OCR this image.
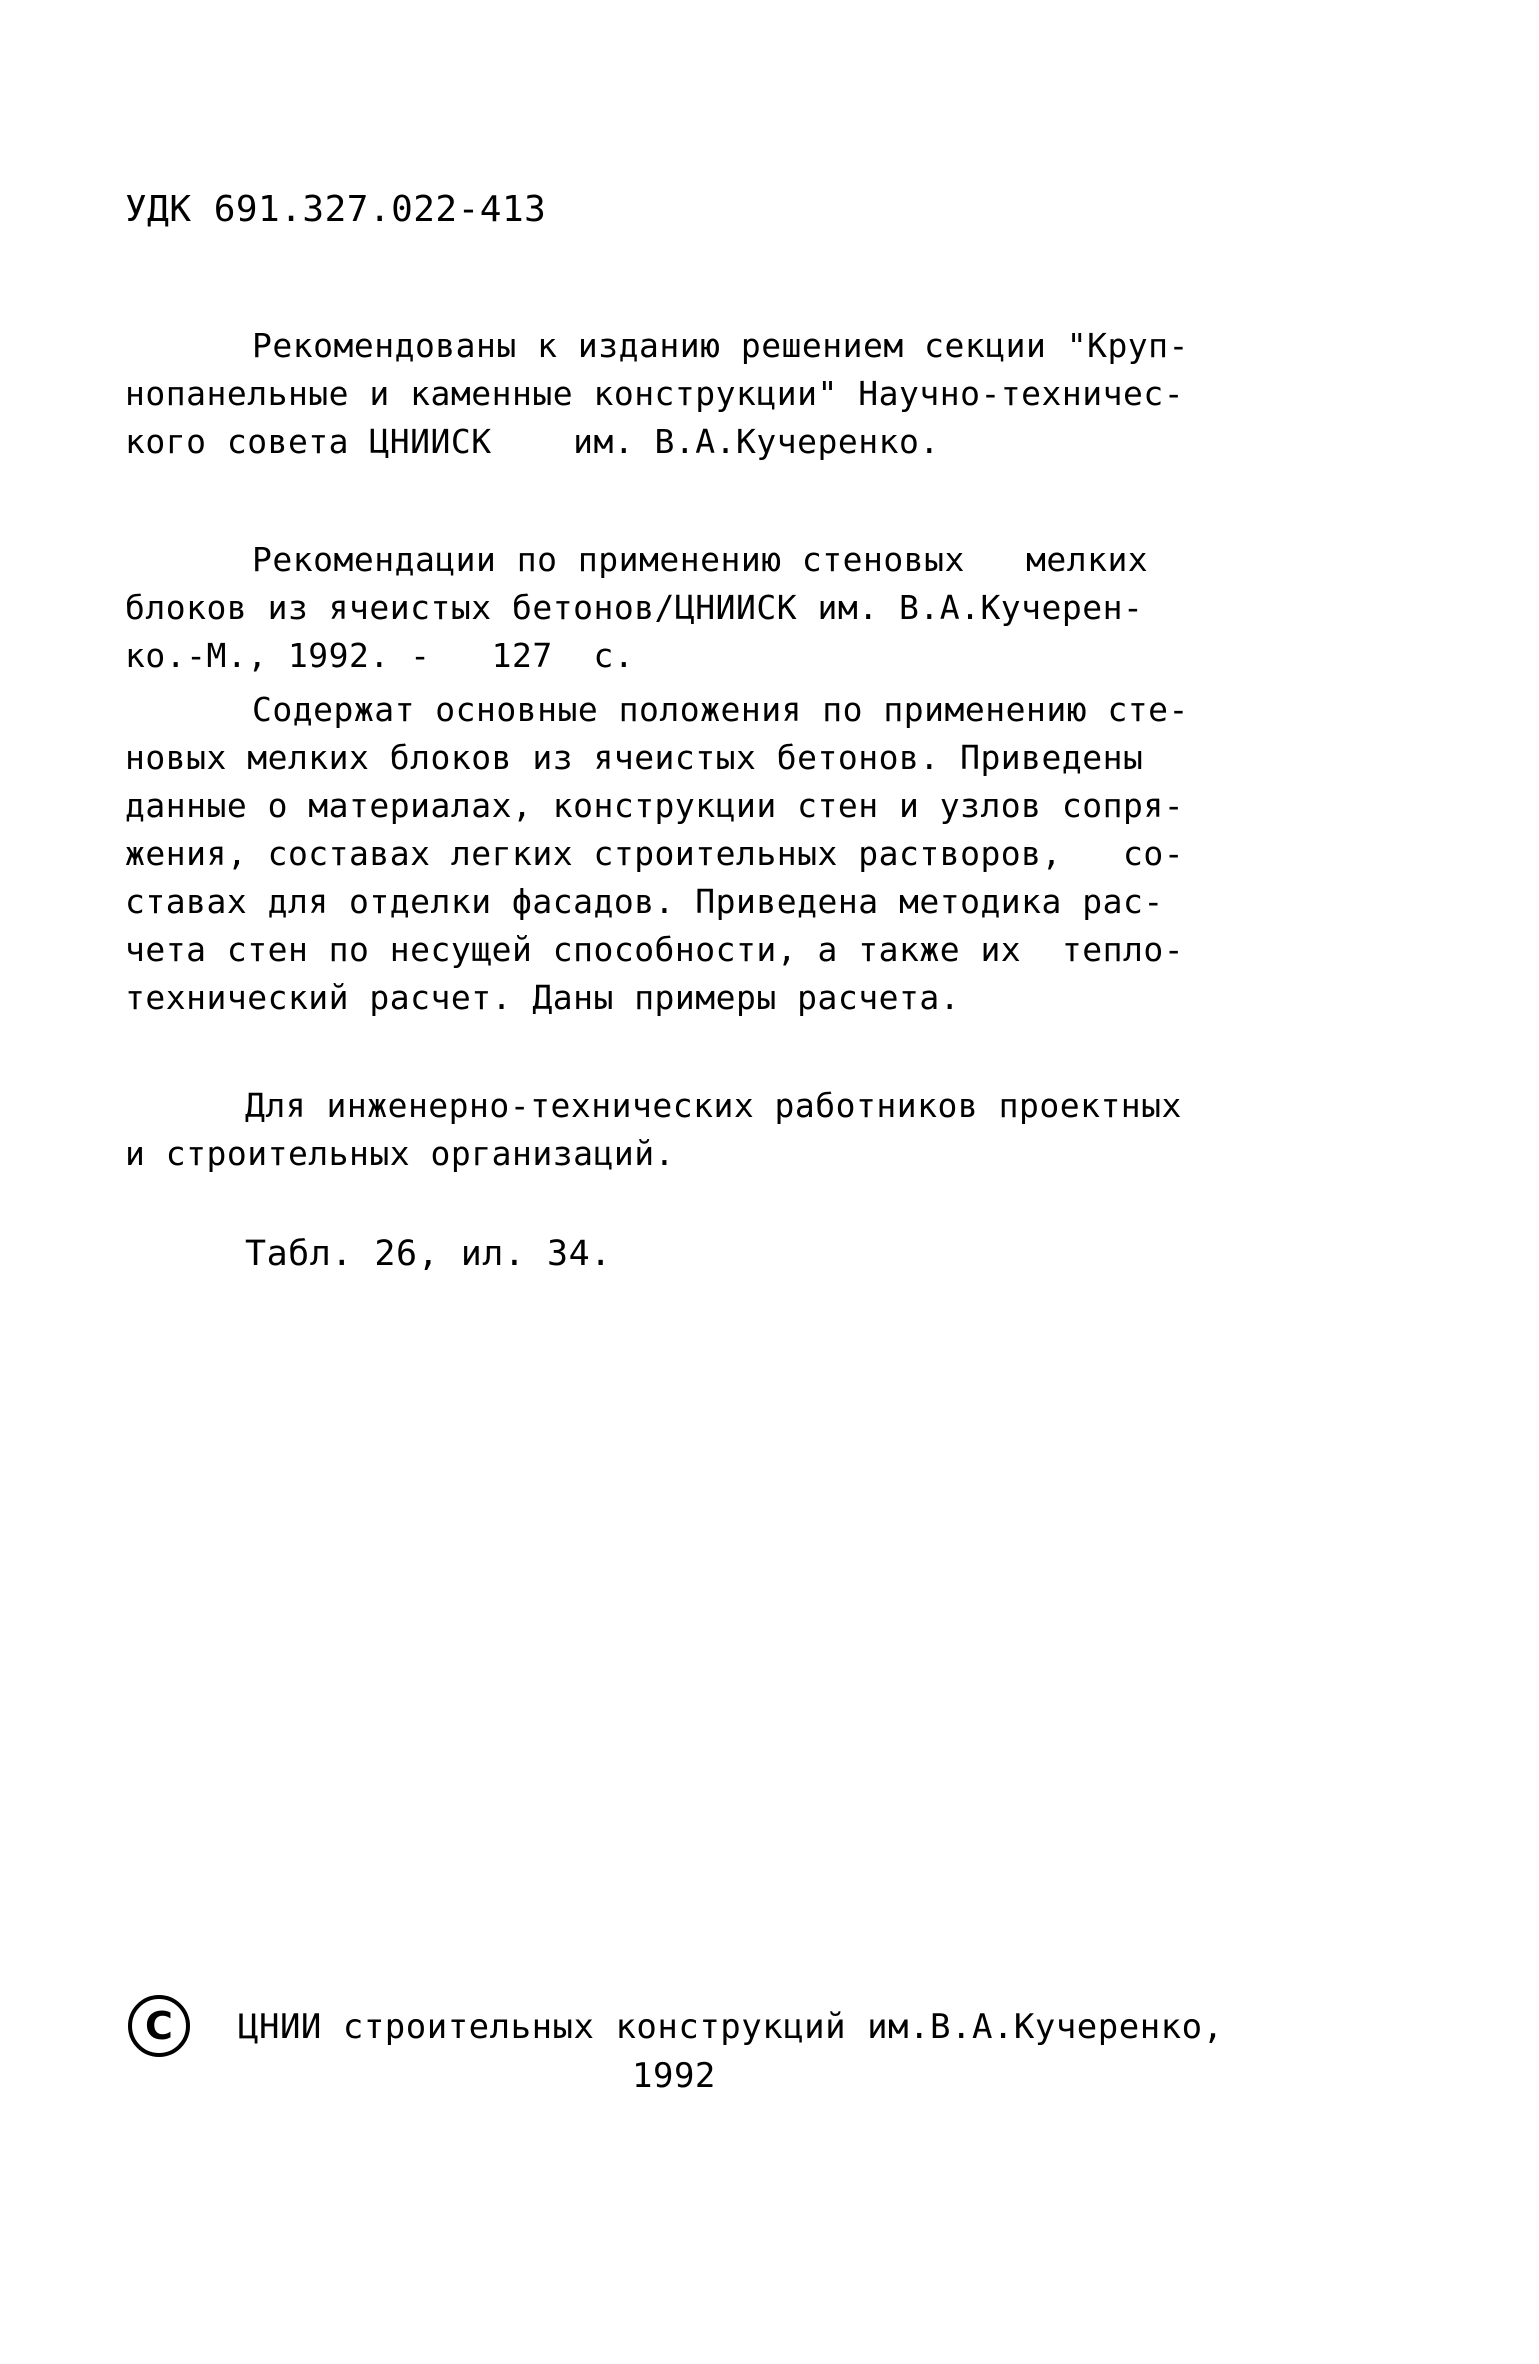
УДК 691.327.022-413
Рекомендованы к изданию решением секции "Круп-
нопанельные и каменные конструкции" Научно-техничес-
кого совета ЦНИИСК    им. В.А.Кучеренко.
Рекомендации по применению стеновых   мелких
блоков из ячеистых бетонов/ЦНИИСК им. В.А.Кучерен-
ко.-М., 1992. -   127  с.
Содержат основные положения по применению сте-
новых мелких блоков из ячеистых бетонов. Приведены
данные о материалах, конструкции стен и узлов сопря-
жения, составах легких строительных растворов,   со-
ставах для отделки фасадов. Приведена методика рас-
чета стен по несущей способности, а также их  тепло-
технический расчет. Даны примеры расчета.
Для инженерно-технических работников проектных
и строительных организаций.
Табл. 26, ил. 34.
C	ЦНИИ строительных конструкций им.В.А.Кучеренко,
1992
